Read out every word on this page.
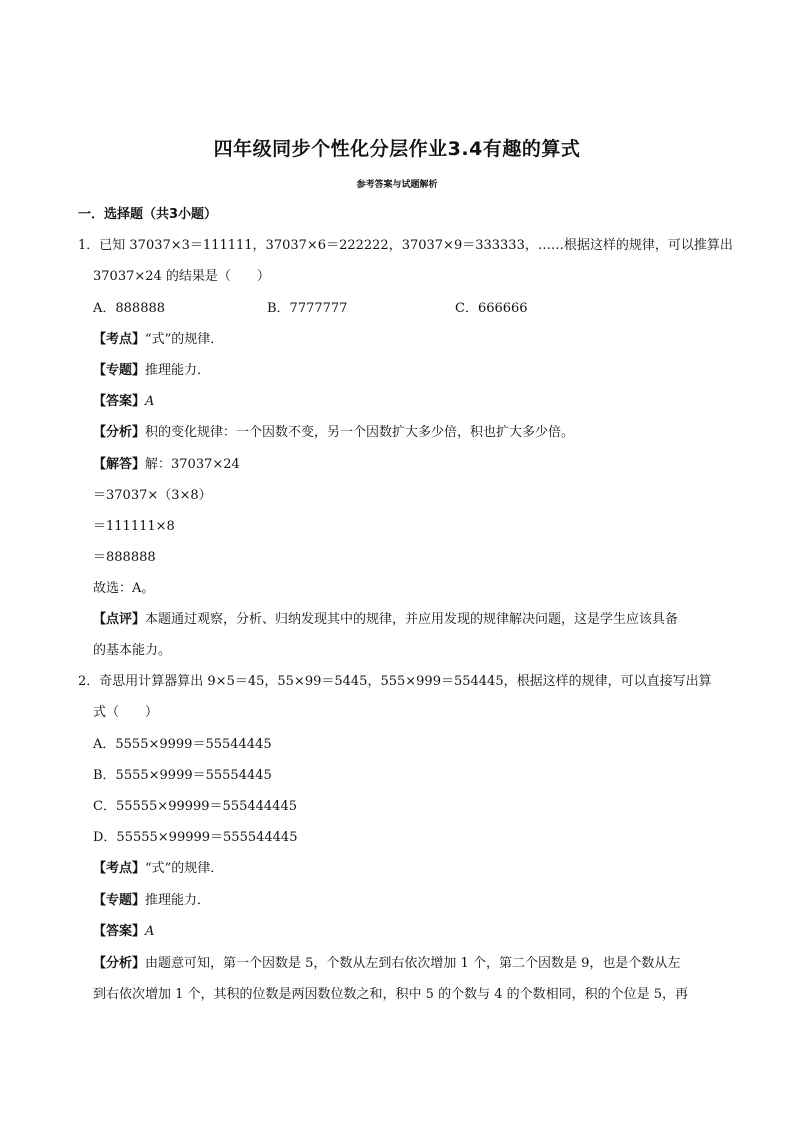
四年级同步个性化分层作业3.4有趣的算式
参考答案与试题解析
一．选择题（共3小题）
1．已知 37037×3＝111111，37037×6＝222222，37037×9＝333333，……根据这样的规律，可以推算出
37037×24 的结果是（　　）
A．888888	B．7777777	C．666666
【考点】“式”的规律．
【专题】推理能力．
【答案】A
【分析】积的变化规律：一个因数不变，另一个因数扩大多少倍，积也扩大多少倍。
【解答】解：37037×24
＝37037×（3×8）
＝111111×8
＝888888
故选：A。
【点评】本题通过观察，分析、归纳发现其中的规律，并应用发现的规律解决问题，这是学生应该具备
的基本能力。
2．奇思用计算器算出 9×5＝45，55×99＝5445，555×999＝554445，根据这样的规律，可以直接写出算
式（　　）
A．5555×9999＝55544445
B．5555×9999＝55554445
C．55555×99999＝555444445
D．55555×99999＝555544445
【考点】“式”的规律．
【专题】推理能力．
【答案】A
【分析】由题意可知，第一个因数是 5，个数从左到右依次增加 1 个，第二个因数是 9，也是个数从左
到右依次增加 1 个，其积的位数是两因数位数之和，积中 5 的个数与 4 的个数相同，积的个位是 5，再
